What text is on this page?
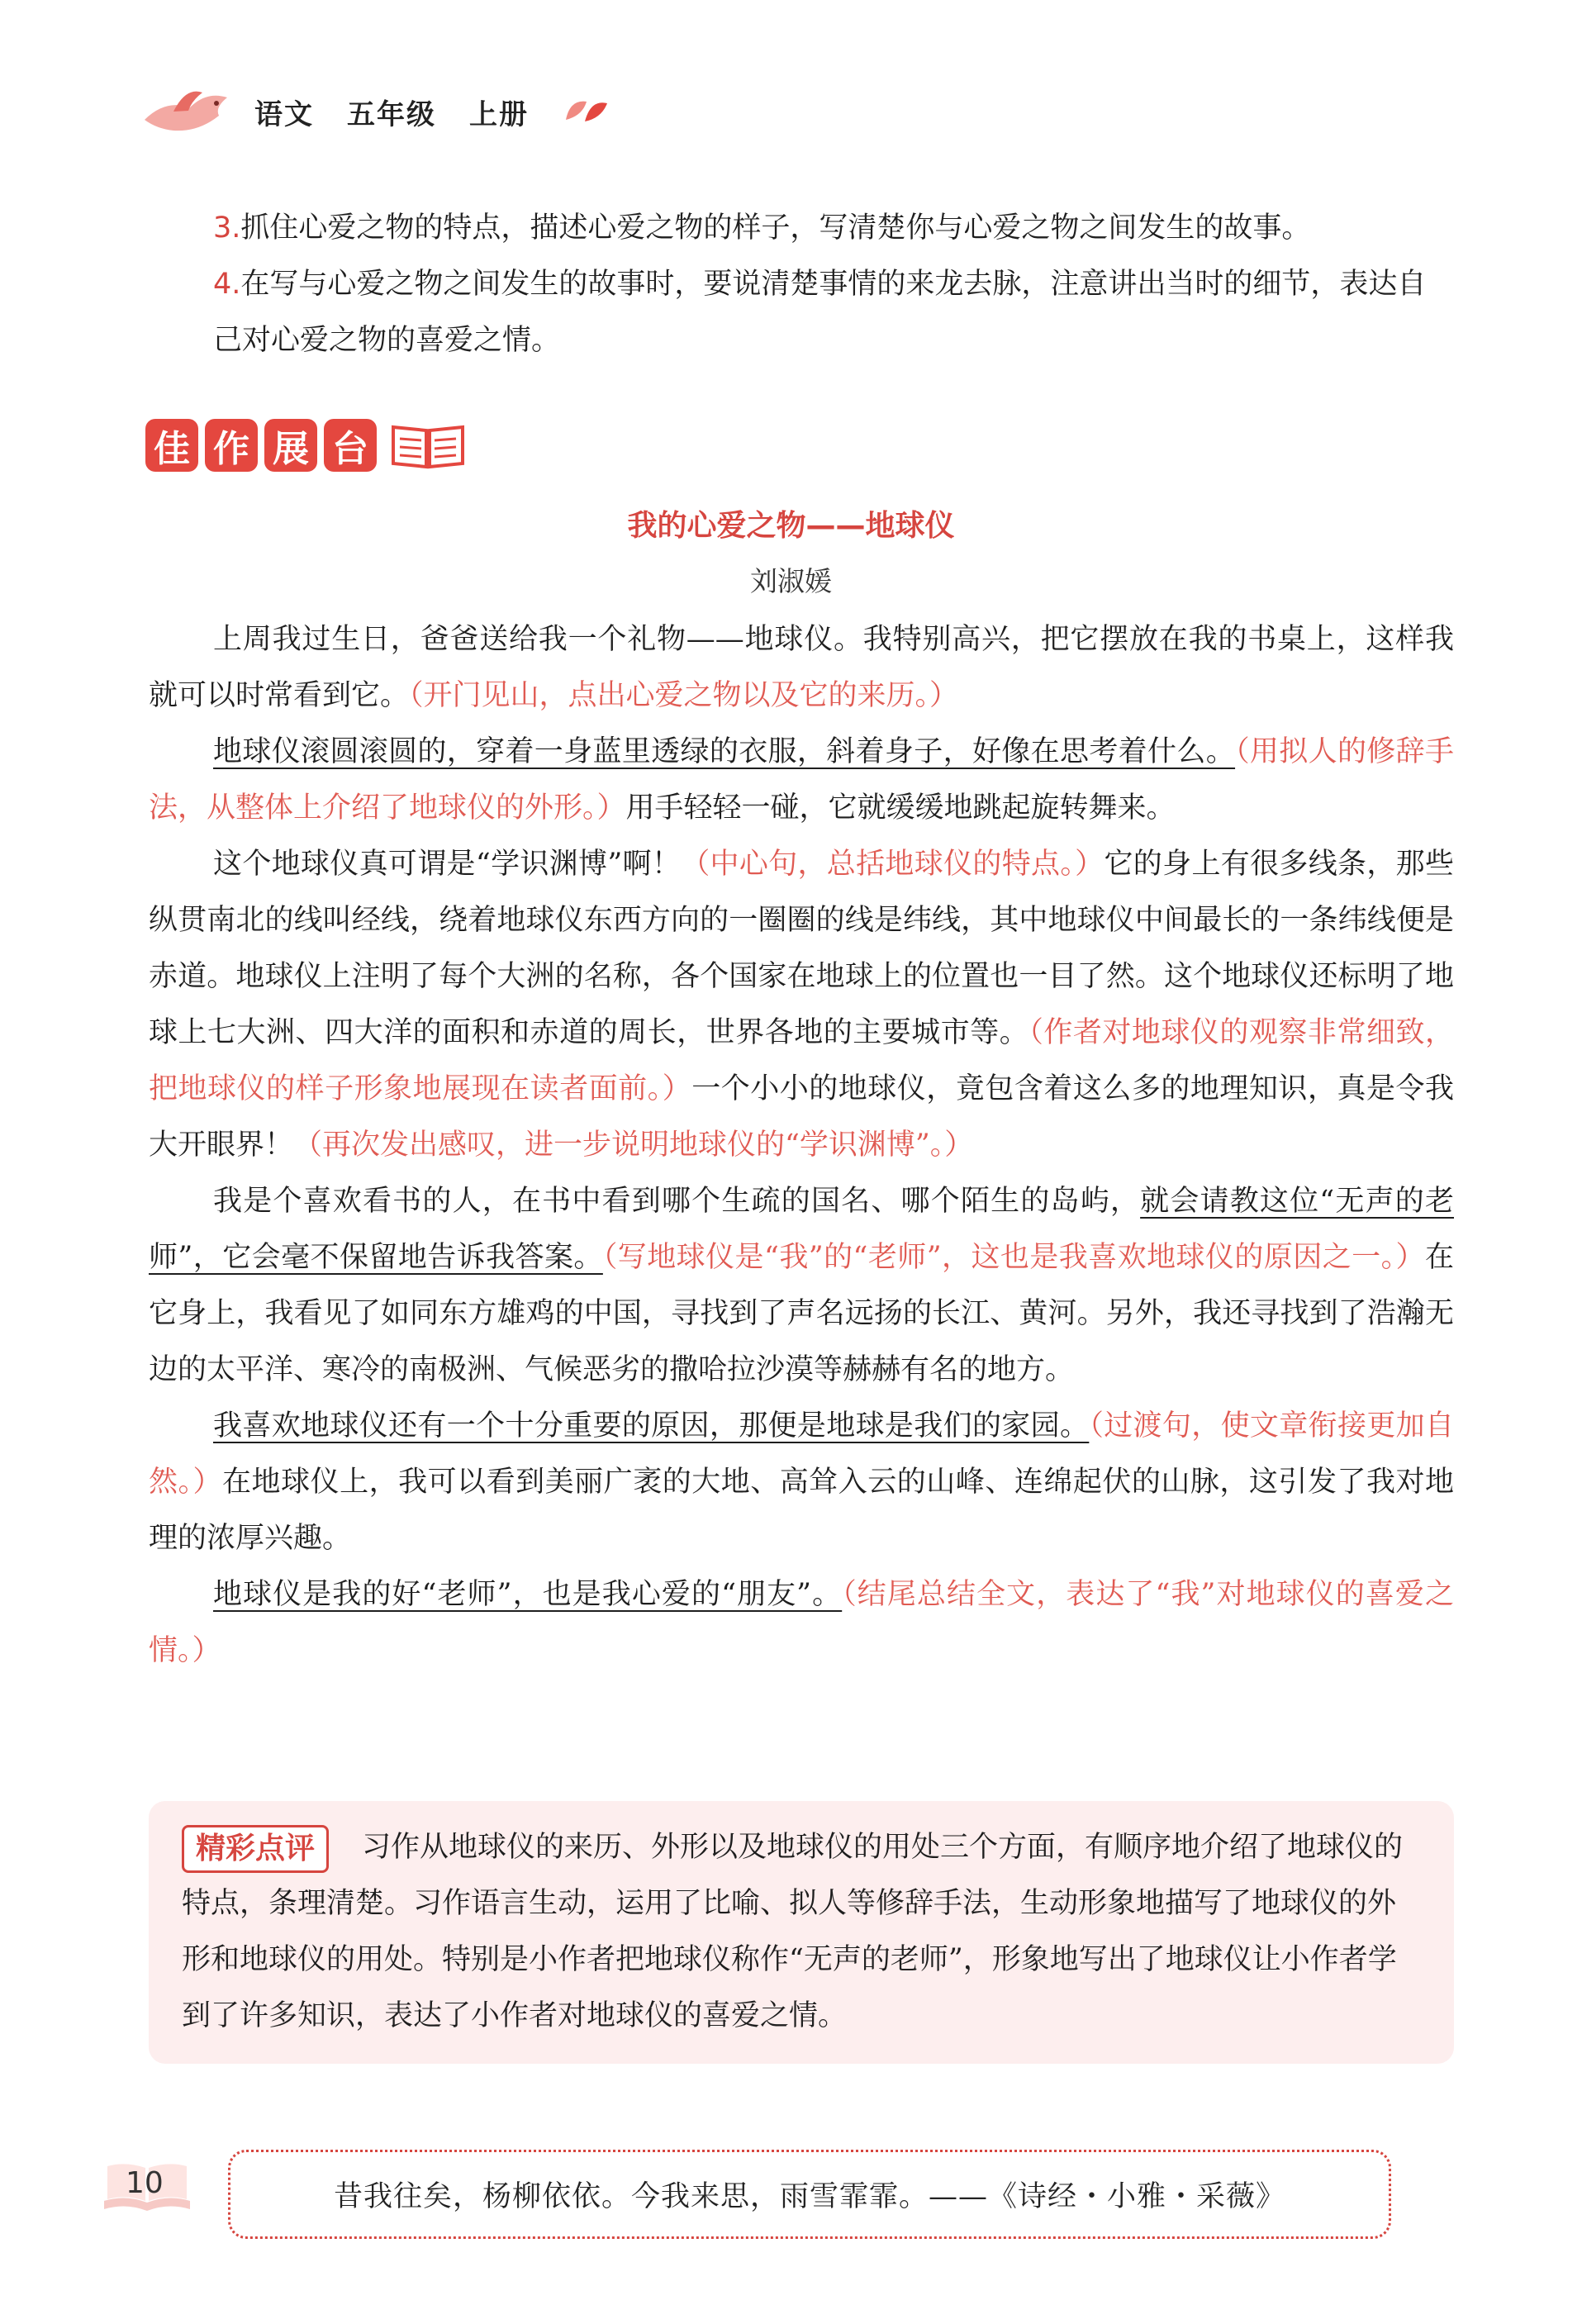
语文 五年级 上册

3.抓住心爱之物的特点，描述心爱之物的样子，写清楚你与心爱之物之间发生的故事。

4.在写与心爱之物之间发生的故事时，要说清楚事情的来龙去脉，注意讲出当时的细节，表达自己对心爱之物的喜爱之情。

佳 作 展 台
我的心爱之物——地球仪
刘淑媛

上周我过生日，爸爸送给我一个礼物——地球仪。我特别高兴，把它摆放在我的书桌上，这样我就可以时常看到它。（开门见山，点出心爱之物以及它的来历。）

地球仪滚圆滚圆的，穿着一身蓝里透绿的衣服，斜着身子，好像在思考着什么。（用拟人的修辞手法，从整体上介绍了地球仪的外形。）用手轻轻一碰，它就缓缓地跳起旋转舞来。

这个地球仪真可谓是“学识渊博”啊！（中心句，总括地球仪的特点。）它的身上有很多线条，那些纵贯南北的线叫经线，绕着地球仪东西方向的一圈圈的线是纬线，其中地球仪中间最长的一条纬线便是赤道。地球仪上注明了每个大洲的名称，各个国家在地球上的位置也一目了然。这个地球仪还标明了地球上七大洲、四大洋的面积和赤道的周长，世界各地的主要城市等。（作者对地球仪的观察非常细致，把地球仪的样子形象地展现在读者面前。）一个小小的地球仪，竟包含着这么多的地理知识，真是令我大开眼界！（再次发出感叹，进一步说明地球仪的“学识渊博”。）

我是个喜欢看书的人，在书中看到哪个生疏的国名、哪个陌生的岛屿，就会请教这位“无声的老师”，它会毫不保留地告诉我答案。（写地球仪是“我”的“老师”，这也是我喜欢地球仪的原因之一。）在它身上，我看见了如同东方雄鸡的中国，寻找到了声名远扬的长江、黄河。另外，我还寻找到了浩瀚无边的太平洋、寒冷的南极洲、气候恶劣的撒哈拉沙漠等赫赫有名的地方。

我喜欢地球仪还有一个十分重要的原因，那便是地球是我们的家园。（过渡句，使文章衔接更加自然。）在地球仪上，我可以看到美丽广袤的大地、高耸入云的山峰、连绵起伏的山脉，这引发了我对地理的浓厚兴趣。

地球仪是我的好“老师”，也是我心爱的“朋友”。（结尾总结全文，表达了“我”对地球仪的喜爱之情。）

精彩点评 习作从地球仪的来历、外形以及地球仪的用处三个方面，有顺序地介绍了地球仪的特点，条理清楚。习作语言生动，运用了比喻、拟人等修辞手法，生动形象地描写了地球仪的外形和地球仪的用处。特别是小作者把地球仪称作“无声的老师”，形象地写出了地球仪让小作者学到了许多知识，表达了小作者对地球仪的喜爱之情。
10	昔我往矣，杨柳依依。今我来思，雨雪霏霏。——《诗经・小雅・采薇》
